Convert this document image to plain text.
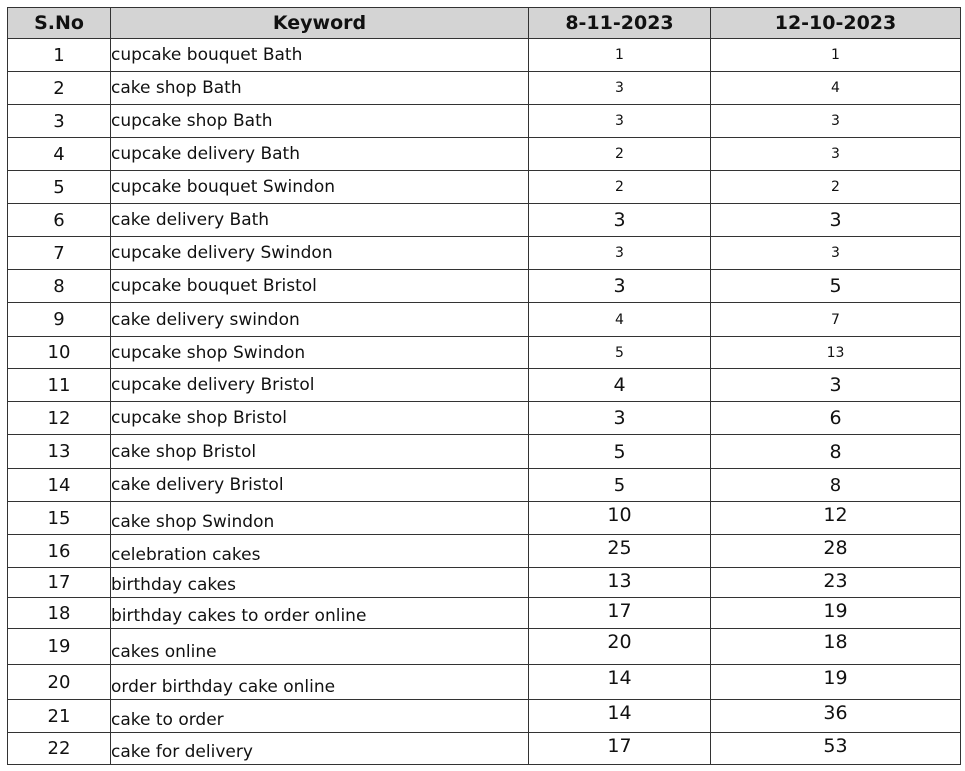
S.No	Keyword	8-11-2023	12-10-2023
1	cupcake bouquet Bath	1	1
2	cake shop Bath	3	4
3	cupcake shop Bath	3	3
4	cupcake delivery Bath	2	3
5	cupcake bouquet Swindon	2	2
6	cake delivery Bath	3	3
7	cupcake delivery Swindon	3	3
8	cupcake bouquet Bristol	3	5
9	cake delivery swindon	4	7
10	cupcake shop Swindon	5	13
11	cupcake delivery Bristol	4	3
12	cupcake shop Bristol	3	6
13	cake shop Bristol	5	8
14	cake delivery Bristol	5	8
15	cake shop Swindon	10	12
16	celebration cakes	25	28
17	birthday cakes	13	23
18	birthday cakes to order online	17	19
19	cakes online	20	18
20	order birthday cake online	14	19
21	cake to order	14	36
22	cake for delivery	17	53
